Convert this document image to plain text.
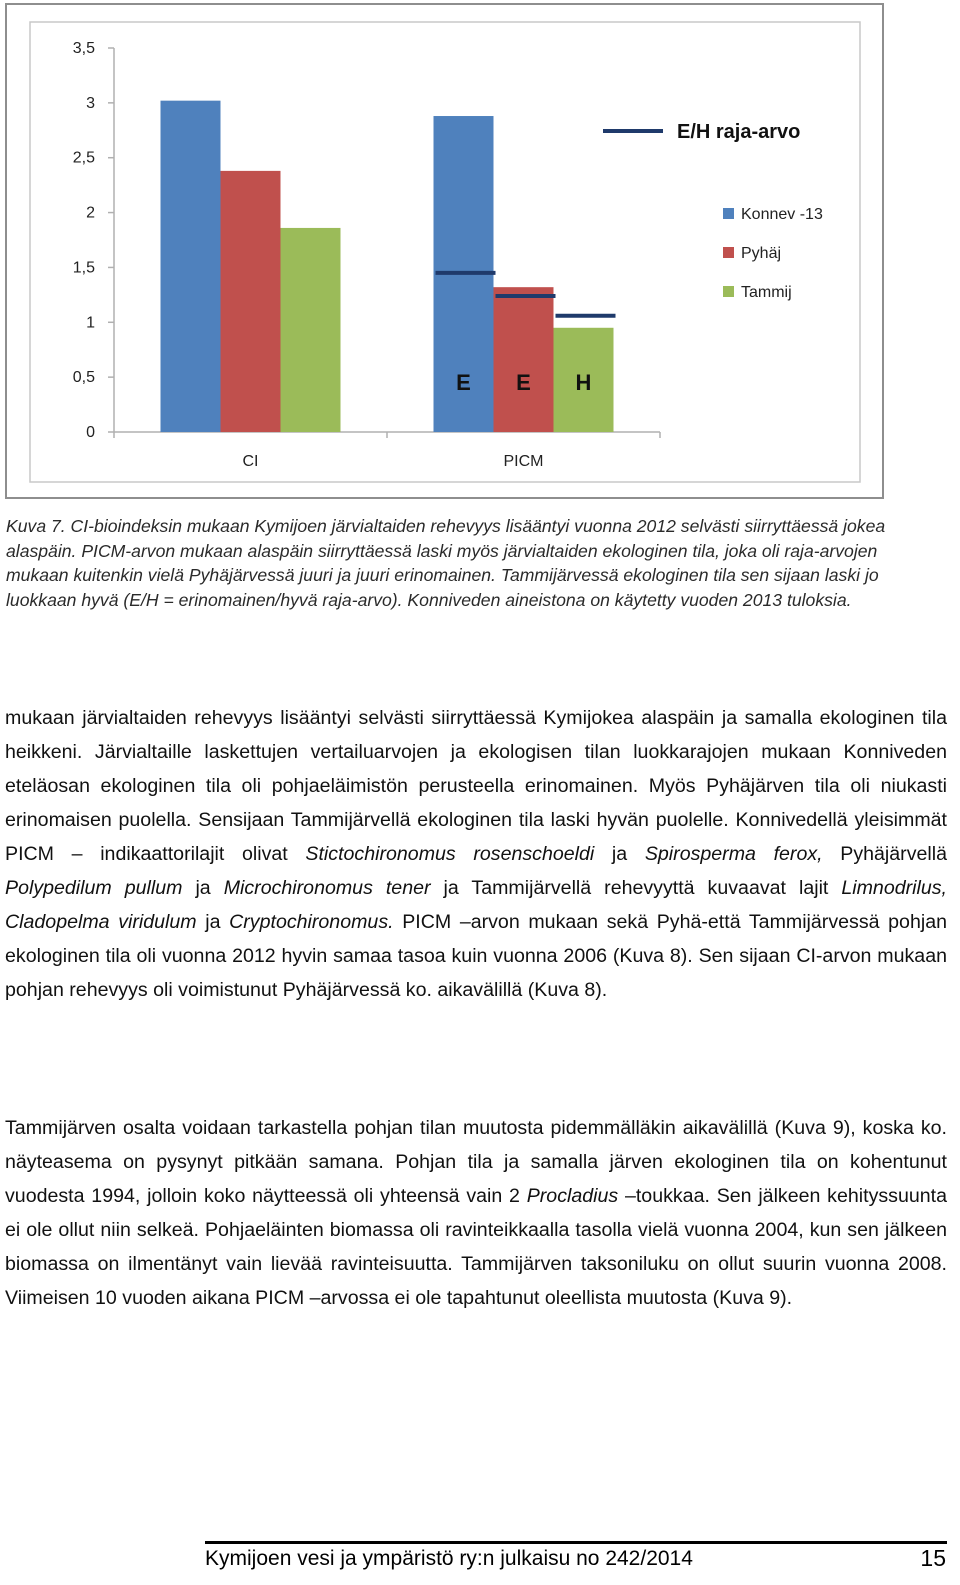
0
0,5
1
1,5
2
2,5
3
3,5
CI	PICM
E E H
E/H raja-arvo
Konnev -13
Pyhäj
Tammij

Kuva 7. CI-bioindeksin mukaan Kymijoen järvialtaiden rehevyys lisääntyi vuonna 2012 selvästi siirryttäessä jokea alaspäin. PICM-arvon mukaan alaspäin siirryttäessä laski myös järvialtaiden ekologinen tila, joka oli raja-arvojen mukaan kuitenkin vielä Pyhäjärvessä juuri ja juuri erinomainen. Tammijärvessä ekologinen tila sen sijaan laski jo luokkaan hyvä (E/H = erinomainen/hyvä raja-arvo). Konniveden aineistona on käytetty vuoden 2013 tuloksia.

mukaan järvialtaiden rehevyys lisääntyi selvästi siirryttäessä Kymijokea alaspäin ja samalla ekologinen tila heikkeni. Järvialtaille laskettujen vertailuarvojen ja ekologisen tilan luokkarajojen mukaan Konniveden eteläosan ekologinen tila oli pohjaeläimistön perusteella erinomainen. Myös Pyhäjärven tila oli niukasti erinomaisen puolella. Sensijaan Tammijärvellä ekologinen tila laski hyvän puolelle. Konnivedellä yleisimmät PICM – indikaattorilajit olivat Stictochironomus rosenschoeldi ja Spirosperma ferox, Pyhäjärvellä Polypedilum pullum ja Microchironomus tener ja Tammijärvellä rehevyyttä kuvaavat lajit Limnodrilus, Cladopelma viridulum ja Cryptochironomus. PICM –arvon mukaan sekä Pyhä-että Tammijärvessä pohjan ekologinen tila oli vuonna 2012 hyvin samaa tasoa kuin vuonna 2006 (Kuva 8). Sen sijaan CI-arvon mukaan pohjan rehevyys oli voimistunut Pyhäjärvessä ko. aikavälillä (Kuva 8).

Tammijärven osalta voidaan tarkastella pohjan tilan muutosta pidemmälläkin aikavälillä (Kuva 9), koska ko. näyteasema on pysynyt pitkään samana. Pohjan tila ja samalla järven ekologinen tila on kohentunut vuodesta 1994, jolloin koko näytteessä oli yhteensä vain 2 Procladius –toukkaa. Sen jälkeen kehityssuunta ei ole ollut niin selkeä. Pohjaeläinten biomassa oli ravinteikkaalla tasolla vielä vuonna 2004, kun sen jälkeen biomassa on ilmentänyt vain lievää ravinteisuutta. Tammijärven taksoniluku on ollut suurin vuonna 2008. Viimeisen 10 vuoden aikana PICM –arvossa ei ole tapahtunut oleellista muutosta (Kuva 9).

Kymijoen vesi ja ympäristö ry:n julkaisu no 242/2014	15
